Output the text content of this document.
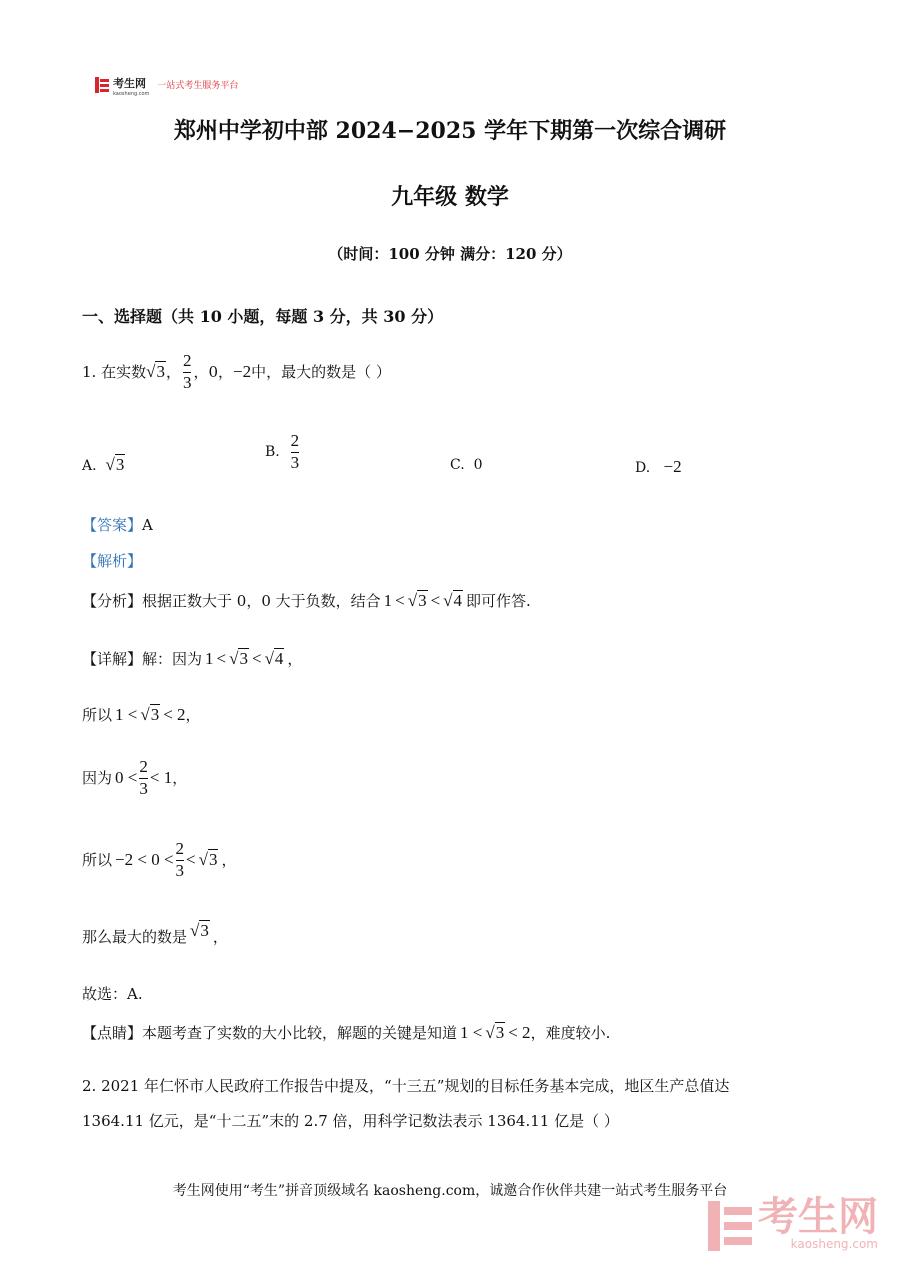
考生网
kaosheng.com
一站式考生服务平台
郑州中学初中部 2024−2025 学年下期第一次综合调研
九年级 数学
（时间：100 分钟 满分：120 分）
一、选择题（共 10 小题，每题 3 分，共 30 分）
1. 在实数 √3 ， $\frac{2}{3}$ ，0， −2 中，最大的数是（ ）
A. √3
B.
$\frac{2}{3}$	C. 0	D. −2
【答案】A
【解析】
【分析】 根据正数大于 0，0 大于负数，结合 1 < √3 < √4 即可作答.
【详解】 解：因为 1 < √3 < √4 ，
所以 1 < √3 < 2 ，
因为 $0 < \frac{2}{3} < 1$ ，
所以 $-2 < 0 < \frac{2}{3} < √3$ ，
那么最大的数是 √3 ，
故选：A.
【点睛】 本题考查了实数的大小比较，解题的关键是知道 1 < √3 < 2 ，难度较小.
2. 2021 年仁怀市人民政府工作报告中提及，“十三五”规划的目标任务基本完成，地区生产总值达
1364.11 亿元，是“十二五”末的 2.7 倍，用科学记数法表示 1364.11 亿是（ ）
考生网使用“考生”拼音顶级域名 kaosheng.com，诚邀合作伙伴共建一站式考生服务平台
考生网
kaosheng.com
